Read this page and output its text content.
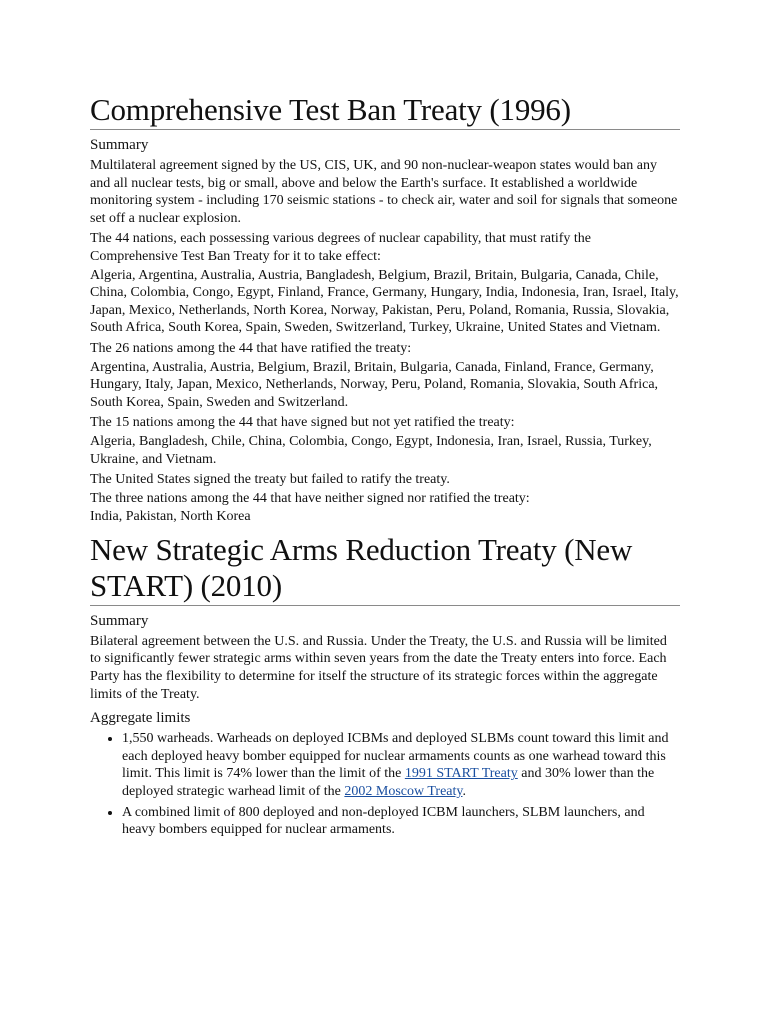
Comprehensive Test Ban Treaty (1996)
Summary

Multilateral agreement signed by the US, CIS, UK, and 90 non-nuclear-weapon states would ban any and all nuclear tests, big or small, above and below the Earth's surface. It established a worldwide monitoring system - including 170 seismic stations - to check air, water and soil for signals that someone set off a nuclear explosion.

The 44 nations, each possessing various degrees of nuclear capability, that must ratify the Comprehensive Test Ban Treaty for it to take effect:

Algeria, Argentina, Australia, Austria, Bangladesh, Belgium, Brazil, Britain, Bulgaria, Canada, Chile, China, Colombia, Congo, Egypt, Finland, France, Germany, Hungary, India, Indonesia, Iran, Israel, Italy, Japan, Mexico, Netherlands, North Korea, Norway, Pakistan, Peru, Poland, Romania, Russia, Slovakia, South Africa, South Korea, Spain, Sweden, Switzerland, Turkey, Ukraine, United States and Vietnam.

The 26 nations among the 44 that have ratified the treaty:

Argentina, Australia, Austria, Belgium, Brazil, Britain, Bulgaria, Canada, Finland, France, Germany, Hungary, Italy, Japan, Mexico, Netherlands, Norway, Peru, Poland, Romania, Slovakia, South Africa, South Korea, Spain, Sweden and Switzerland.

The 15 nations among the 44 that have signed but not yet ratified the treaty:

Algeria, Bangladesh, Chile, China, Colombia, Congo, Egypt, Indonesia, Iran, Israel, Russia, Turkey, Ukraine, and Vietnam.

The United States signed the treaty but failed to ratify the treaty.

The three nations among the 44 that have neither signed nor ratified the treaty:

India, Pakistan, North Korea

New Strategic Arms Reduction Treaty (New START) (2010)
Summary

Bilateral agreement between the U.S. and Russia. Under the Treaty, the U.S. and Russia will be limited to significantly fewer strategic arms within seven years from the date the Treaty enters into force. Each Party has the flexibility to determine for itself the structure of its strategic forces within the aggregate limits of the Treaty.

Aggregate limits
• 1,550 warheads. Warheads on deployed ICBMs and deployed SLBMs count toward this limit and each deployed heavy bomber equipped for nuclear armaments counts as one warhead toward this limit. This limit is 74% lower than the limit of the 1991 START Treaty and 30% lower than the deployed strategic warhead limit of the 2002 Moscow Treaty.
• A combined limit of 800 deployed and non-deployed ICBM launchers, SLBM launchers, and heavy bombers equipped for nuclear armaments.
